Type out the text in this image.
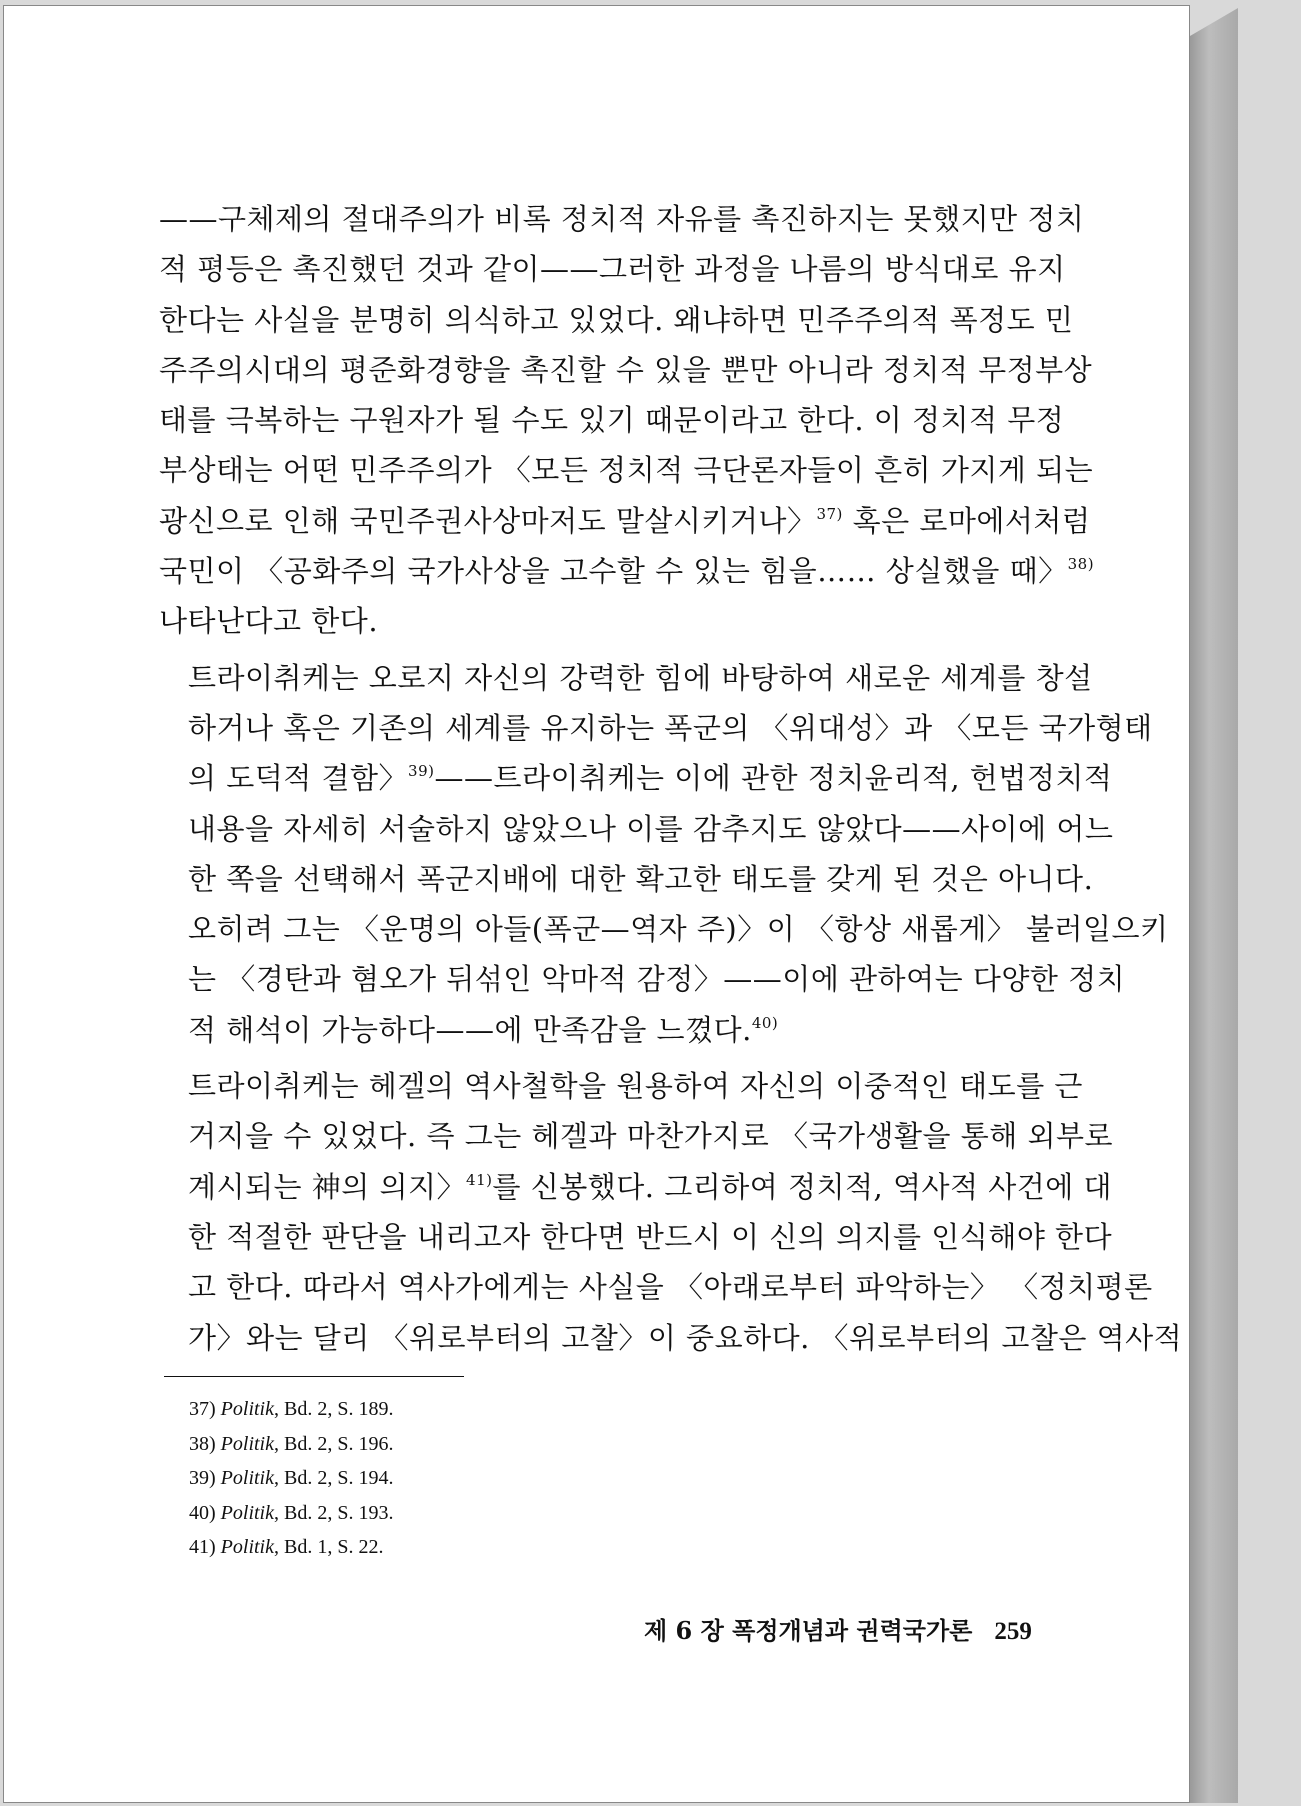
——구체제의 절대주의가 비록 정치적 자유를 촉진하지는 못했지만 정치
적 평등은 촉진했던 것과 같이——그러한 과정을 나름의 방식대로 유지
한다는 사실을 분명히 의식하고 있었다. 왜냐하면 민주주의적 폭정도 민
주주의시대의 평준화경향을 촉진할 수 있을 뿐만 아니라 정치적 무정부상
태를 극복하는 구원자가 될 수도 있기 때문이라고 한다. 이 정치적 무정
부상태는 어떤 민주주의가 〈모든 정치적 극단론자들이 흔히 가지게 되는
광신으로 인해 국민주권사상마저도 말살시키거나〉$^{37)}$ 혹은 로마에서처럼
국민이 〈공화주의 국가사상을 고수할 수 있는 힘을…… 상실했을 때〉$^{38)}$
나타난다고 한다.
트라이취케는 오로지 자신의 강력한 힘에 바탕하여 새로운 세계를 창설
하거나 혹은 기존의 세계를 유지하는 폭군의 〈위대성〉과 〈모든 국가형태
의 도덕적 결함〉$^{39)}$——트라이취케는 이에 관한 정치윤리적, 헌법정치적
내용을 자세히 서술하지 않았으나 이를 감추지도 않았다——사이에 어느
한 쪽을 선택해서 폭군지배에 대한 확고한 태도를 갖게 된 것은 아니다.
오히려 그는 〈운명의 아들(폭군—역자 주)〉이 〈항상 새롭게〉 불러일으키
는 〈경탄과 혐오가 뒤섞인 악마적 감정〉——이에 관하여는 다양한 정치
적 해석이 가능하다——에 만족감을 느꼈다.$^{40)}$
트라이취케는 헤겔의 역사철학을 원용하여 자신의 이중적인 태도를 근
거지을 수 있었다. 즉 그는 헤겔과 마찬가지로 〈국가생활을 통해 외부로
계시되는 神의 의지〉$^{41)}$를 신봉했다. 그리하여 정치적, 역사적 사건에 대
한 적절한 판단을 내리고자 한다면 반드시 이 신의 의지를 인식해야 한다
고 한다. 따라서 역사가에게는 사실을 〈아래로부터 파악하는〉 〈정치평론
가〉와는 달리 〈위로부터의 고찰〉이 중요하다. 〈위로부터의 고찰은 역사적
37) Politik, Bd. 2, S. 189.
38) Politik, Bd. 2, S. 196.
39) Politik, Bd. 2, S. 194.
40) Politik, Bd. 2, S. 193.
41) Politik, Bd. 1, S. 22.
제 6 장 폭정개념과 권력국가론 259
